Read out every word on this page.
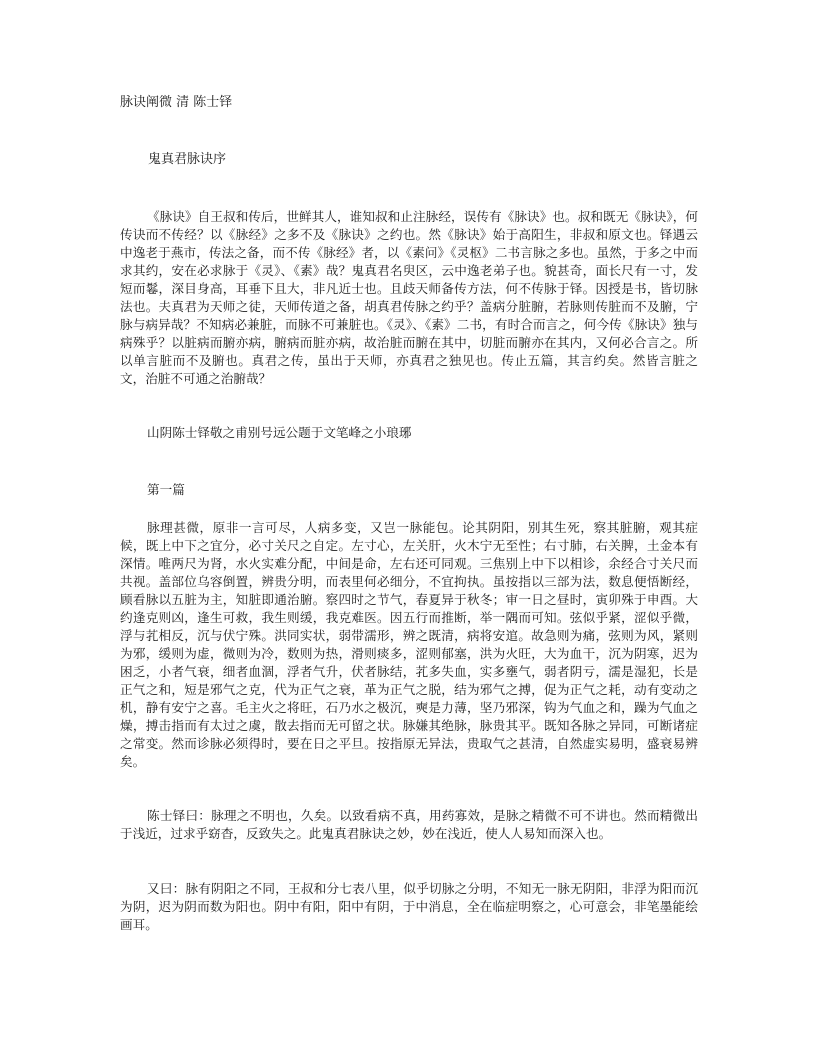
脉诀阐微 清 陈士铎
鬼真君脉诀序

《脉诀》自王叔和传后，世鲜其人，谁知叔和止注脉经，误传有《脉诀》也。叔和既无《脉诀》，何传诀而不传经？以《脉经》之多不及《脉诀》之约也。然《脉诀》始于高阳生，非叔和原文也。铎遇云中逸老于燕市，传法之备，而不传《脉经》者，以《素问》《灵枢》二书言脉之多也。虽然，于多之中而求其约，安在必求脉于《灵》、《素》哉？鬼真君名臾区，云中逸老弟子也。貌甚奇，面长尺有一寸，发短而鬈，深目身高，耳垂下且大，非凡近士也。且歧天师备传方法，何不传脉于铎。因授是书，皆切脉法也。夫真君为天师之徒，天师传道之备，胡真君传脉之约乎？盖病分脏腑，若脉则传脏而不及腑，宁脉与病异哉？不知病必兼脏，而脉不可兼脏也。《灵》、《素》二书，有时合而言之，何今传《脉诀》独与病殊乎？以脏病而腑亦病，腑病而脏亦病，故治脏而腑在其中，切脏而腑亦在其内，又何必合言之。所以单言脏而不及腑也。真君之传，虽出于天师，亦真君之独见也。传止五篇，其言约矣。然皆言脏之文，治脏不可通之治腑哉？

山阴陈士铎敬之甫别号远公题于文笔峰之小琅琊

第一篇

脉理甚微，原非一言可尽，人病多变，又岂一脉能包。论其阴阳，别其生死，察其脏腑，观其症候，既上中下之宜分，必寸关尺之自定。左寸心，左关肝，火木宁无至性；右寸肺，右关脾，土金本有深情。唯两尺为肾，水火实难分配，中间是命，左右还可同观。三焦别上中下以相诊，余经合寸关尺而共视。盖部位乌容倒置，辨贵分明，而表里何必细分，不宜拘执。虽按指以三部为法，数息便悟断经，顾看脉以五脏为主，知脏即通治腑。察四时之节气，春夏异于秋冬；审一日之昼时，寅卯殊于申酉。大约逢克则凶，逢生可救，我生则缓，我克难医。因五行而推断，举一隅而可知。弦似乎紧，涩似乎微，浮与芤相反，沉与伏宁殊。洪同实状，弱带濡形，辨之既清，病将安逭。故急则为痛，弦则为风，紧则为邪，缓则为虚，微则为冷，数则为热，滑则痰多，涩则郁塞，洪为火旺，大为血干，沉为阴寒，迟为困乏，小者气衰，细者血涸，浮者气升，伏者脉结，芤多失血，实多壅气，弱者阴亏，濡是湿犯，长是正气之和，短是邪气之克，代为正气之衰，革为正气之脱，结为邪气之搏，促为正气之耗，动有变动之机，静有安宁之喜。毛主火之将旺，石乃水之极沉，奭是力薄，坚乃邪深，钩为气血之和，躁为气血之燥，搏击指而有太过之虞，散去指而无可留之状。脉嫌其绝脉，脉贵其平。既知各脉之异同，可断诸症之常变。然而诊脉必须得时，要在日之平旦。按指原无异法，贵取气之甚清，自然虚实易明，盛衰易辨矣。

陈士铎曰：脉理之不明也，久矣。以致看病不真，用药寡效，是脉之精微不可不讲也。然而精微出于浅近，过求乎窈杳，反致失之。此鬼真君脉诀之妙，妙在浅近，使人人易知而深入也。

又曰：脉有阴阳之不同，王叔和分七表八里，似乎切脉之分明，不知无一脉无阴阳，非浮为阳而沉为阴，迟为阴而数为阳也。阴中有阳，阳中有阴，于中消息，全在临症明察之，心可意会，非笔墨能绘画耳。
